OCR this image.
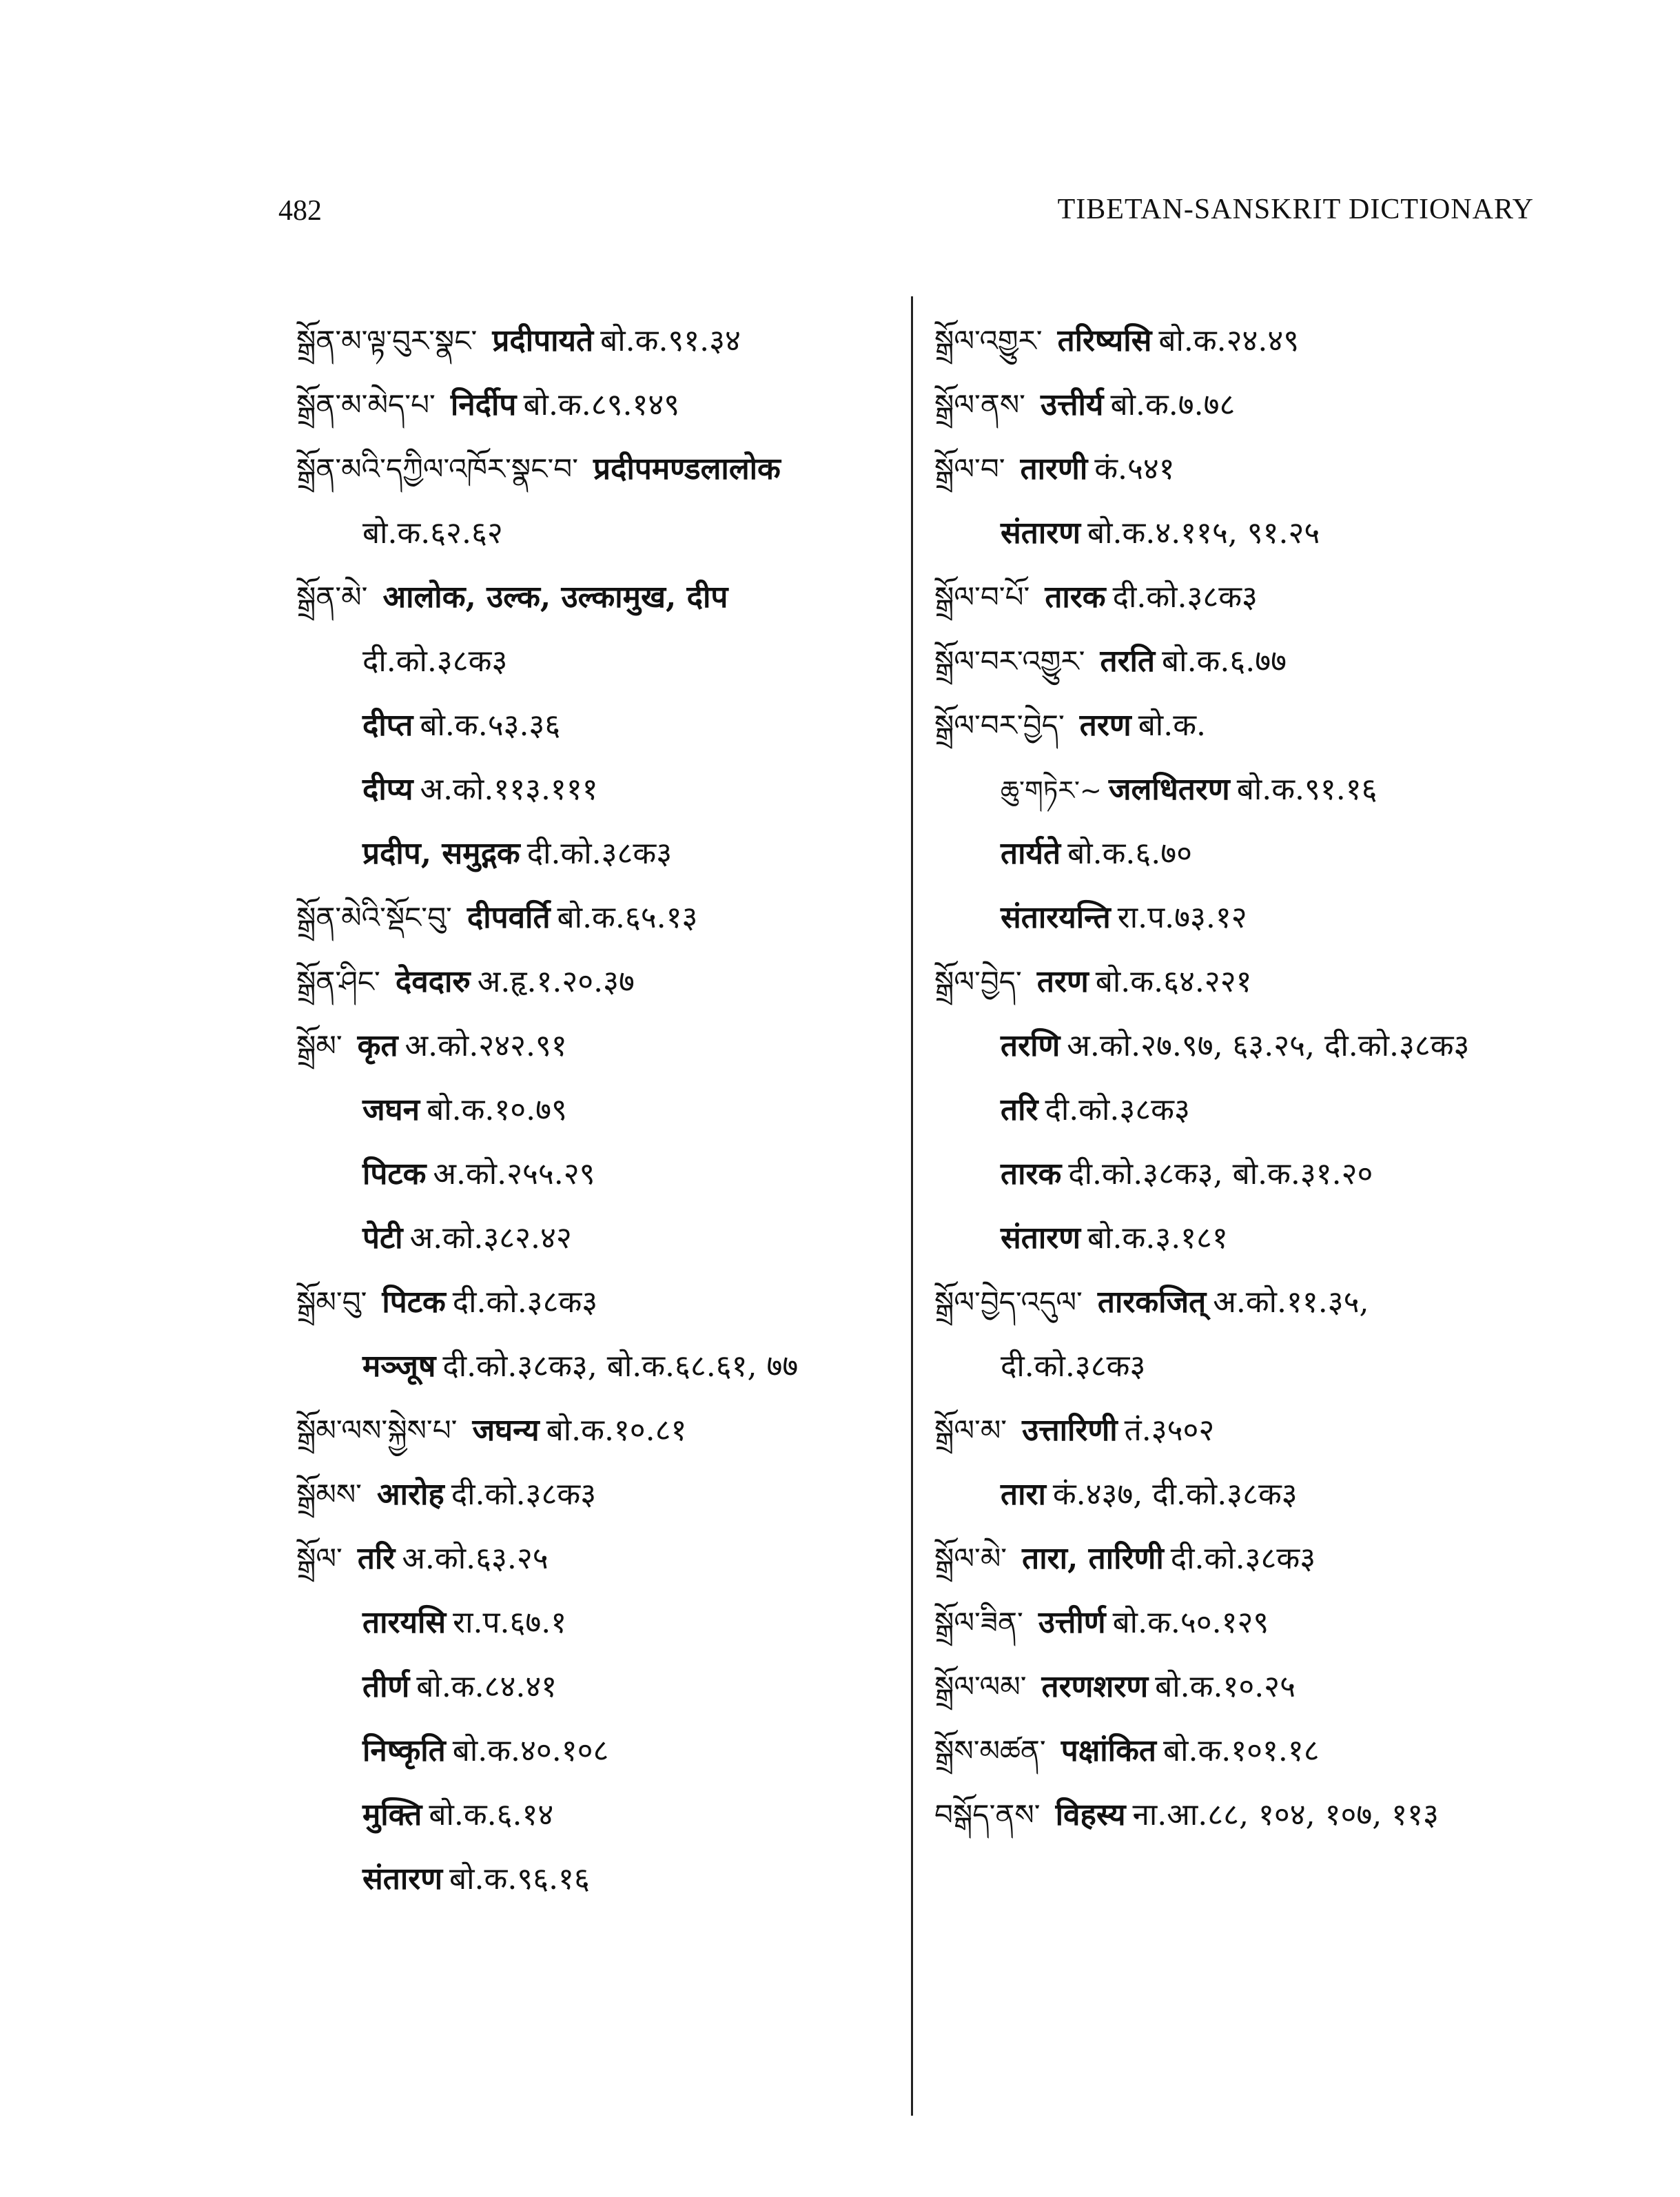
482	TIBETAN-SANSKRIT DICTIONARY
སྒྲོན་མ་ལྟ་བུར་སྣང་ प्रदीपायते बो.क.९१.३४
སྒྲོན་མ་མེད་པ་ निर्दीप बो.क.८९.१४९
སྒྲོན་མའི་དཀྱིལ་འཁོར་སྣང་བ་ प्रदीपमण्डलालोक
बो.क.६२.६२
སྒྲོན་མེ་ आलोक, उल्क, उल्कामुख, दीप
दी.को.३८क३
दीप्त बो.क.५३.३६
दीप्य अ.को.११३.१११
प्रदीप, समुद्गक दी.को.३८क३
སྒྲོན་མེའི་སྡོང་བུ་ दीपवर्ति बो.क.६५.१३
སྒྲོན་ཤིང་ देवदारु अ.हृ.१.२०.३७
སྒྲོམ་ कृत अ.को.२४२.९१
जघन बो.क.१०.७९
पिटक अ.को.२५५.२९
पेटी अ.को.३८२.४२
སྒྲོམ་བུ་ पिटक दी.को.३८क३
मञ्जूष दी.को.३८क३, बो.क.६८.६१, ७७
སྒྲོམ་ལས་སྐྱེས་པ་ जघन्य बो.क.१०.८१
སྒྲོམས་ आरोह दी.को.३८क३
སྒྲོལ་ तरि अ.को.६३.२५
तारयसि रा.प.६७.१
तीर्ण बो.क.८४.४१
निष्कृति बो.क.४०.१०८
मुक्ति बो.क.६.१४
संतारण बो.क.९६.१६
སྒྲོལ་འགྱུར་ तरिष्यसि बो.क.२४.४९
སྒྲོལ་ནས་ उत्तीर्य बो.क.७.७८
སྒྲོལ་བ་ तारणी कं.५४१
संतारण बो.क.४.११५, ९१.२५
སྒྲོལ་བ་པོ་ तारक दी.को.३८क३
སྒྲོལ་བར་འགྱུར་ तरति बो.क.६.७७
སྒྲོལ་བར་བྱེད་ तरण बो.क.
ཆུ་གཏེར་~ जलधितरण बो.क.९१.१६
तार्यते बो.क.६.७०
संतारयन्ति रा.प.७३.१२
སྒྲོལ་བྱེད་ तरण बो.क.६४.२२१
तरणि अ.को.२७.९७, ६३.२५, दी.को.३८क३
तरि दी.को.३८क३
तारक दी.को.३८क३, बो.क.३१.२०
संतारण बो.क.३.१८१
སྒྲོལ་བྱེད་འདུལ་ तारकजित् अ.को.११.३५,
दी.को.३८क३
སྒྲོལ་མ་ उत्तारिणी तं.३५०२
तारा कं.४३७, दी.को.३८क३
སྒྲོལ་མེ་ तारा, तारिणी दी.को.३८क३
སྒྲོལ་ཟིན་ उत्तीर्ण बो.क.५०.१२९
སྒྲོལ་ལམ་ तरणशरण बो.क.१०.२५
སྒྲོས་མཚན་ पक्षांकित बो.क.१०१.१८
བསྒོད་ནས་ विहस्य ना.आ.८८, १०४, १०७, ११३
